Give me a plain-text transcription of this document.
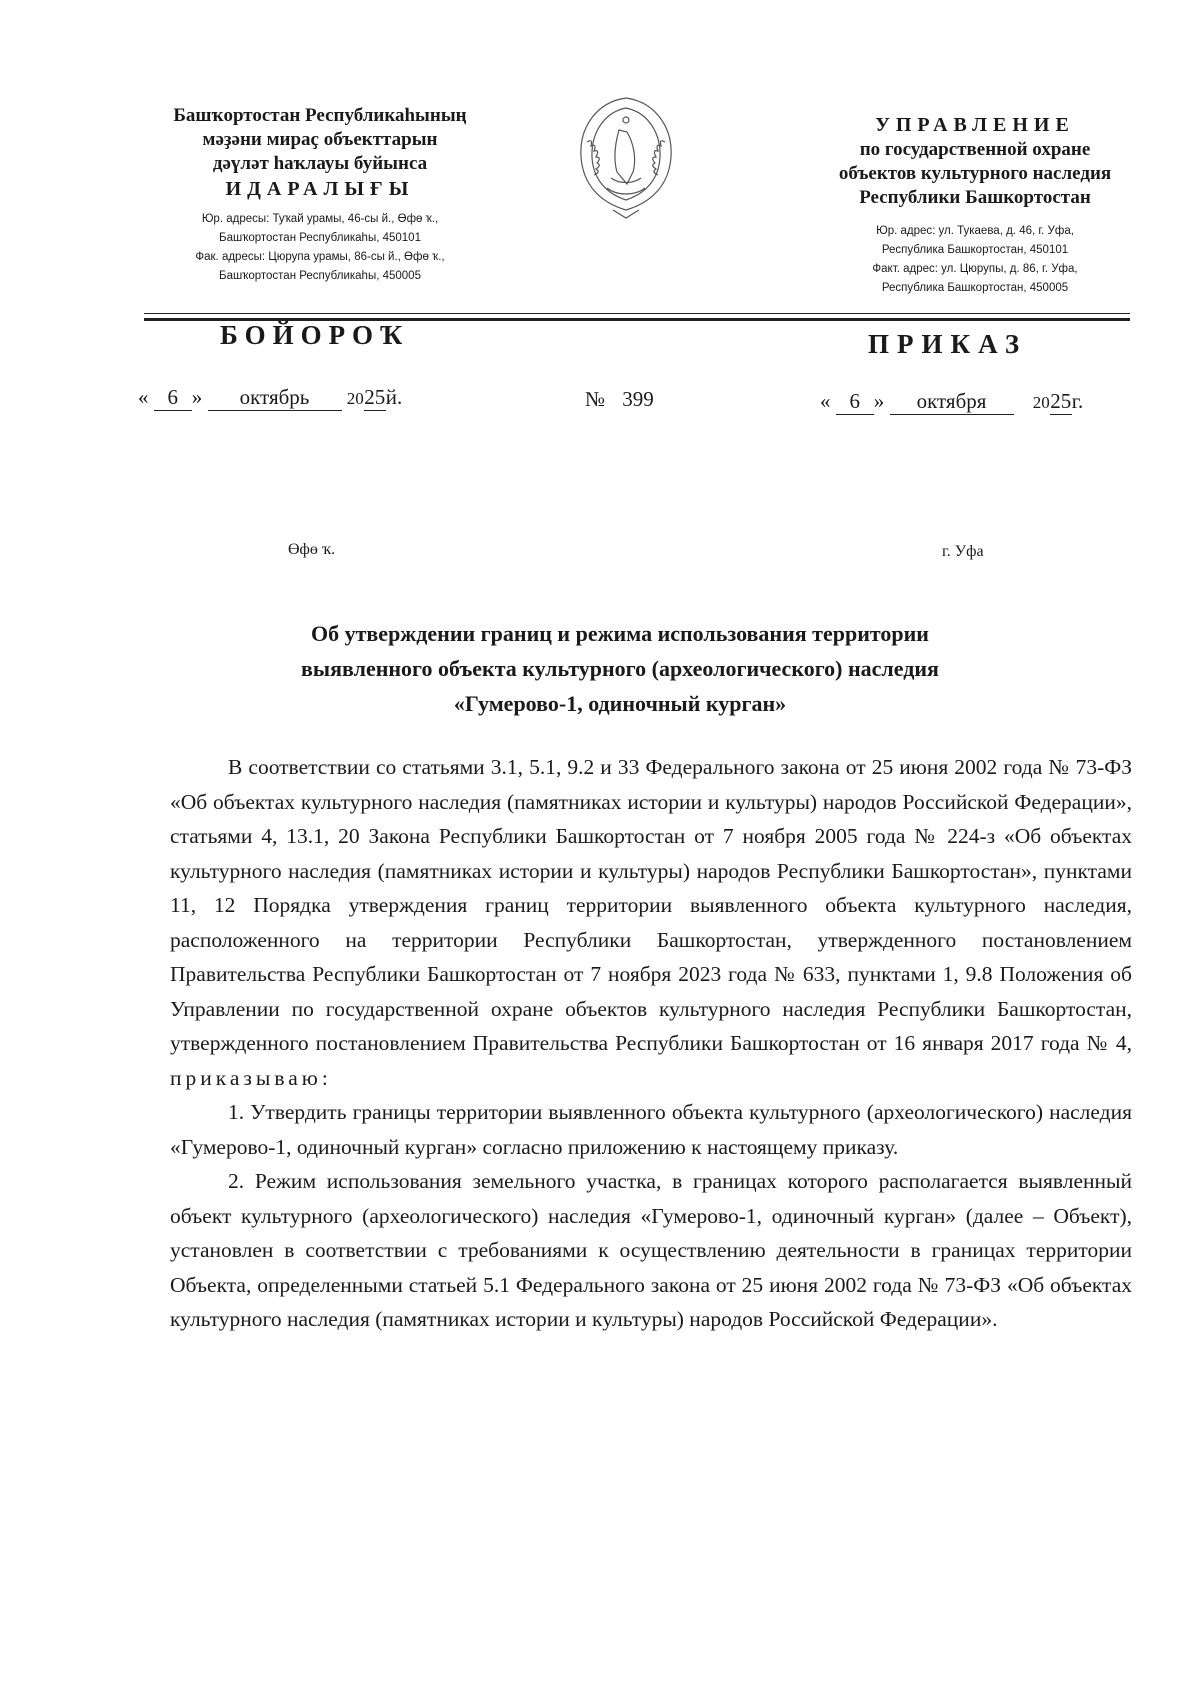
Башҡортостан Республикаһының
мәҙәни мираҫ объекттарын
дәүләт һаҡлауы буйынса
ИДАРАЛЫҒЫ
Юр. адресы: Туҡай урамы, 46-сы й., Өфө ҡ.,
Башҡортостан Республикаһы, 450101
Фак. адресы: Цюрупа урамы, 86-сы й., Өфө ҡ.,
Башҡортостан Республикаһы, 450005
УПРАВЛЕНИЕ
по государственной охране
объектов культурного наследия
Республики Башкортостан
Юр. адрес: ул. Тукаева, д. 46, г. Уфа,
Республика Башкортостан, 450101
Факт. адрес: ул. Цюрупы, д. 86, г. Уфа,
Республика Башкортостан, 450005
БОЙОРОҠ	ПРИКАЗ
« 6 » октябрь 2025й.	№ 399	« 6 » октября	2025г.
Өфө ҡ.	г. Уфа
Об утверждении границ и режима использования территории
выявленного объекта культурного (археологического) наследия
«Гумерово-1, одиночный курган»

В соответствии со статьями 3.1, 5.1, 9.2 и 33 Федерального закона от 25 июня 2002 года № 73-ФЗ «Об объектах культурного наследия (памятниках истории и культуры) народов Российской Федерации», статьями 4, 13.1, 20 Закона Республики Башкортостан от 7 ноября 2005 года № 224-з «Об объектах культурного наследия (памятниках истории и культуры) народов Республики Башкортостан», пунктами 11, 12 Порядка утверждения границ территории выявленного объекта культурного наследия, расположенного на территории Республики Башкортостан, утвержденного постановлением Правительства Республики Башкортостан от 7 ноября 2023 года № 633, пунктами 1, 9.8 Положения об Управлении по государственной охране объектов культурного наследия Республики Башкортостан, утвержденного постановлением Правительства Республики Башкортостан от 16 января 2017 года № 4, приказываю:

1. Утвердить границы территории выявленного объекта культурного (археологического) наследия «Гумерово-1, одиночный курган» согласно приложению к настоящему приказу.

2. Режим использования земельного участка, в границах которого располагается выявленный объект культурного (археологического) наследия «Гумерово-1, одиночный курган» (далее – Объект), установлен в соответствии с требованиями к осуществлению деятельности в границах территории Объекта, определенными статьей 5.1 Федерального закона от 25 июня 2002 года № 73-ФЗ «Об объектах культурного наследия (памятниках истории и культуры) народов Российской Федерации».
